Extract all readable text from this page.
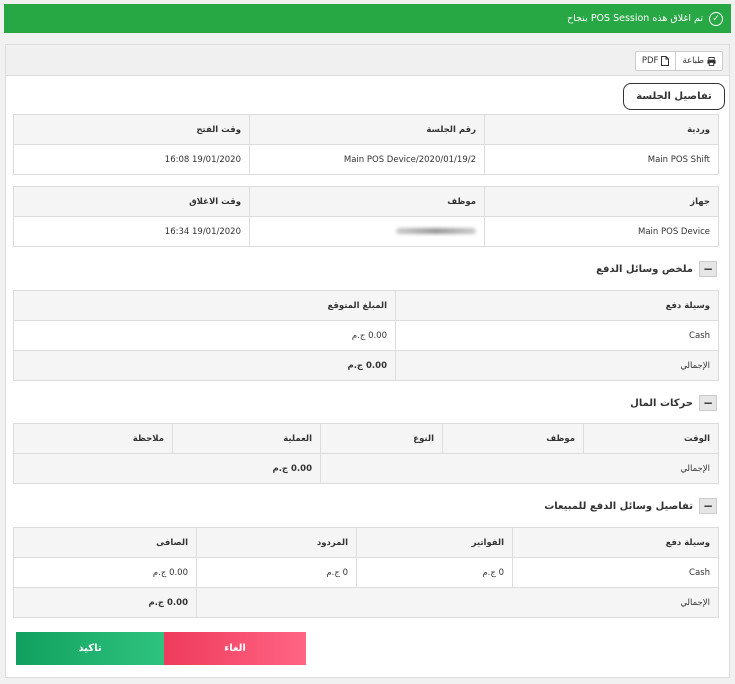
✓
تم اغلاق هذه POS Session بنجاح
طباعة
PDF
تفاصيل الجلسة
وردية	رقم الجلسة	وقت الفتح
Main POS Shift	Main POS Device/2020/01/19/2	19/01/2020 16:08
جهاز	موظف	وقت الاغلاق
Main POS Device		19/01/2020 16:34
−
ملخص وسائل الدفع
وسيلة دفع	المبلغ المتوقع
Cash	0.00 ج.م
الإجمالي	0.00 ج.م
−
حركات المال
الوقت	موظف	النوع	العملية	ملاحظة
الإجمالي			0.00 ج.م	
−
تفاصيل وسائل الدفع للمبيعات
وسيلة دفع	الفواتير	المردود	الصافى
Cash	0 ج.م	0 ج.م	0.00 ج.م
الإجمالي			0.00 ج.م
تاكيد	الغاء
